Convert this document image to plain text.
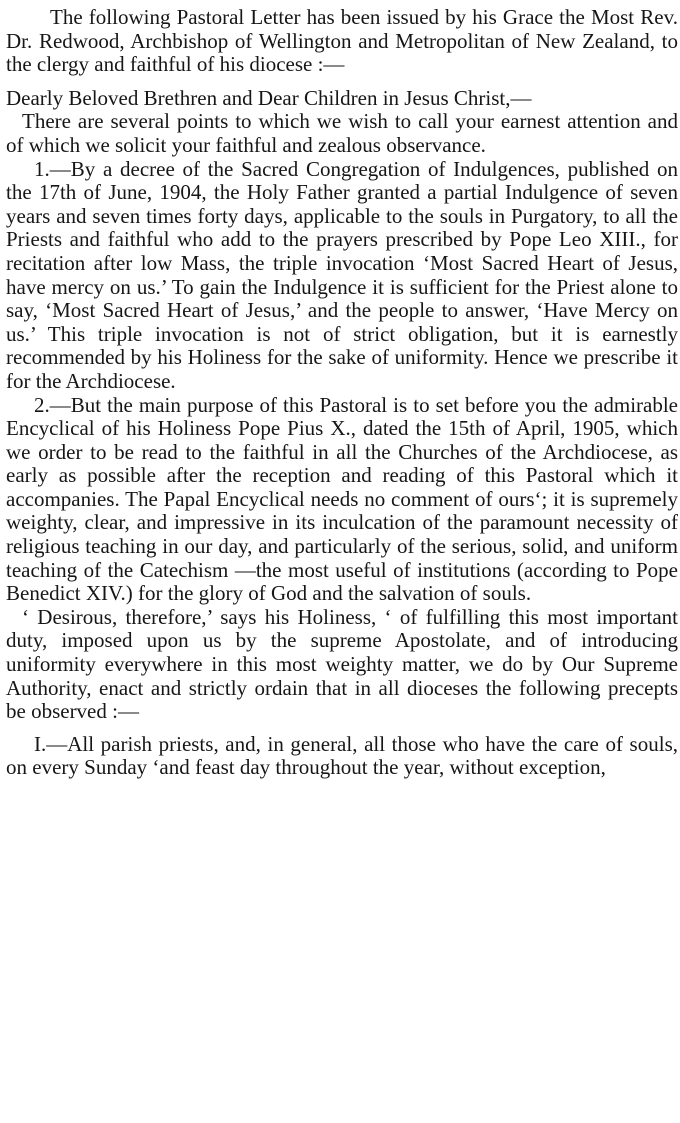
The following Pastoral Letter has been issued by his Grace the Most Rev. Dr. Redwood, Archbishop of Wellington and Metropolitan of New Zealand, to the clergy and faithful of his diocese :—

Dearly Beloved Brethren and Dear Children in Jesus Christ,—

There are several points to which we wish to call your earnest attention and of which we solicit your faithful and zealous observance.

1.—By a decree of the Sacred Congregation of Indulgences, published on the 17th of June, 1904, the Holy Father granted a partial Indulgence of seven years and seven times forty days, applicable to the souls in Purgatory, to all the Priests and faithful who add to the prayers prescribed by Pope Leo XIII., for recitation after low Mass, the triple invocation ‘Most Sacred Heart of Jesus, have mercy on us.’ To gain the Indulgence it is sufficient for the Priest alone to say, ‘Most Sacred Heart of Jesus,’ and the people to answer, ‘Have Mercy on us.’ This triple invocation is not of strict obligation, but it is earnestly recommended by his Holiness for the sake of uniformity. Hence we prescribe it for the Archdiocese.

2.—But the main purpose of this Pastoral is to set before you the admirable Encyclical of his Holiness Pope Pius X., dated the 15th of April, 1905, which we order to be read to the faithful in all the Churches of the Archdiocese, as early as possible after the reception and reading of this Pastoral which it accompanies. The Papal Encyclical needs no comment of ours‘; it is supremely weighty, clear, and impressive in its inculcation of the paramount necessity of religious teaching in our day, and particularly of the serious, solid, and uniform teaching of the Catechism —the most useful of institutions (according to Pope Benedict XIV.) for the glory of God and the salvation of souls.

‘ Desirous, therefore,’ says his Holiness, ‘ of fulfilling this most important duty, imposed upon us by the supreme Apostolate, and of introducing uniformity everywhere in this most weighty matter, we do by Our Supreme Authority, enact and strictly ordain that in all dioceses the following precepts be observed :—

I.—All parish priests, and, in general, all those who have the care of souls, on every Sunday ‘and feast day throughout the year, without exception,
